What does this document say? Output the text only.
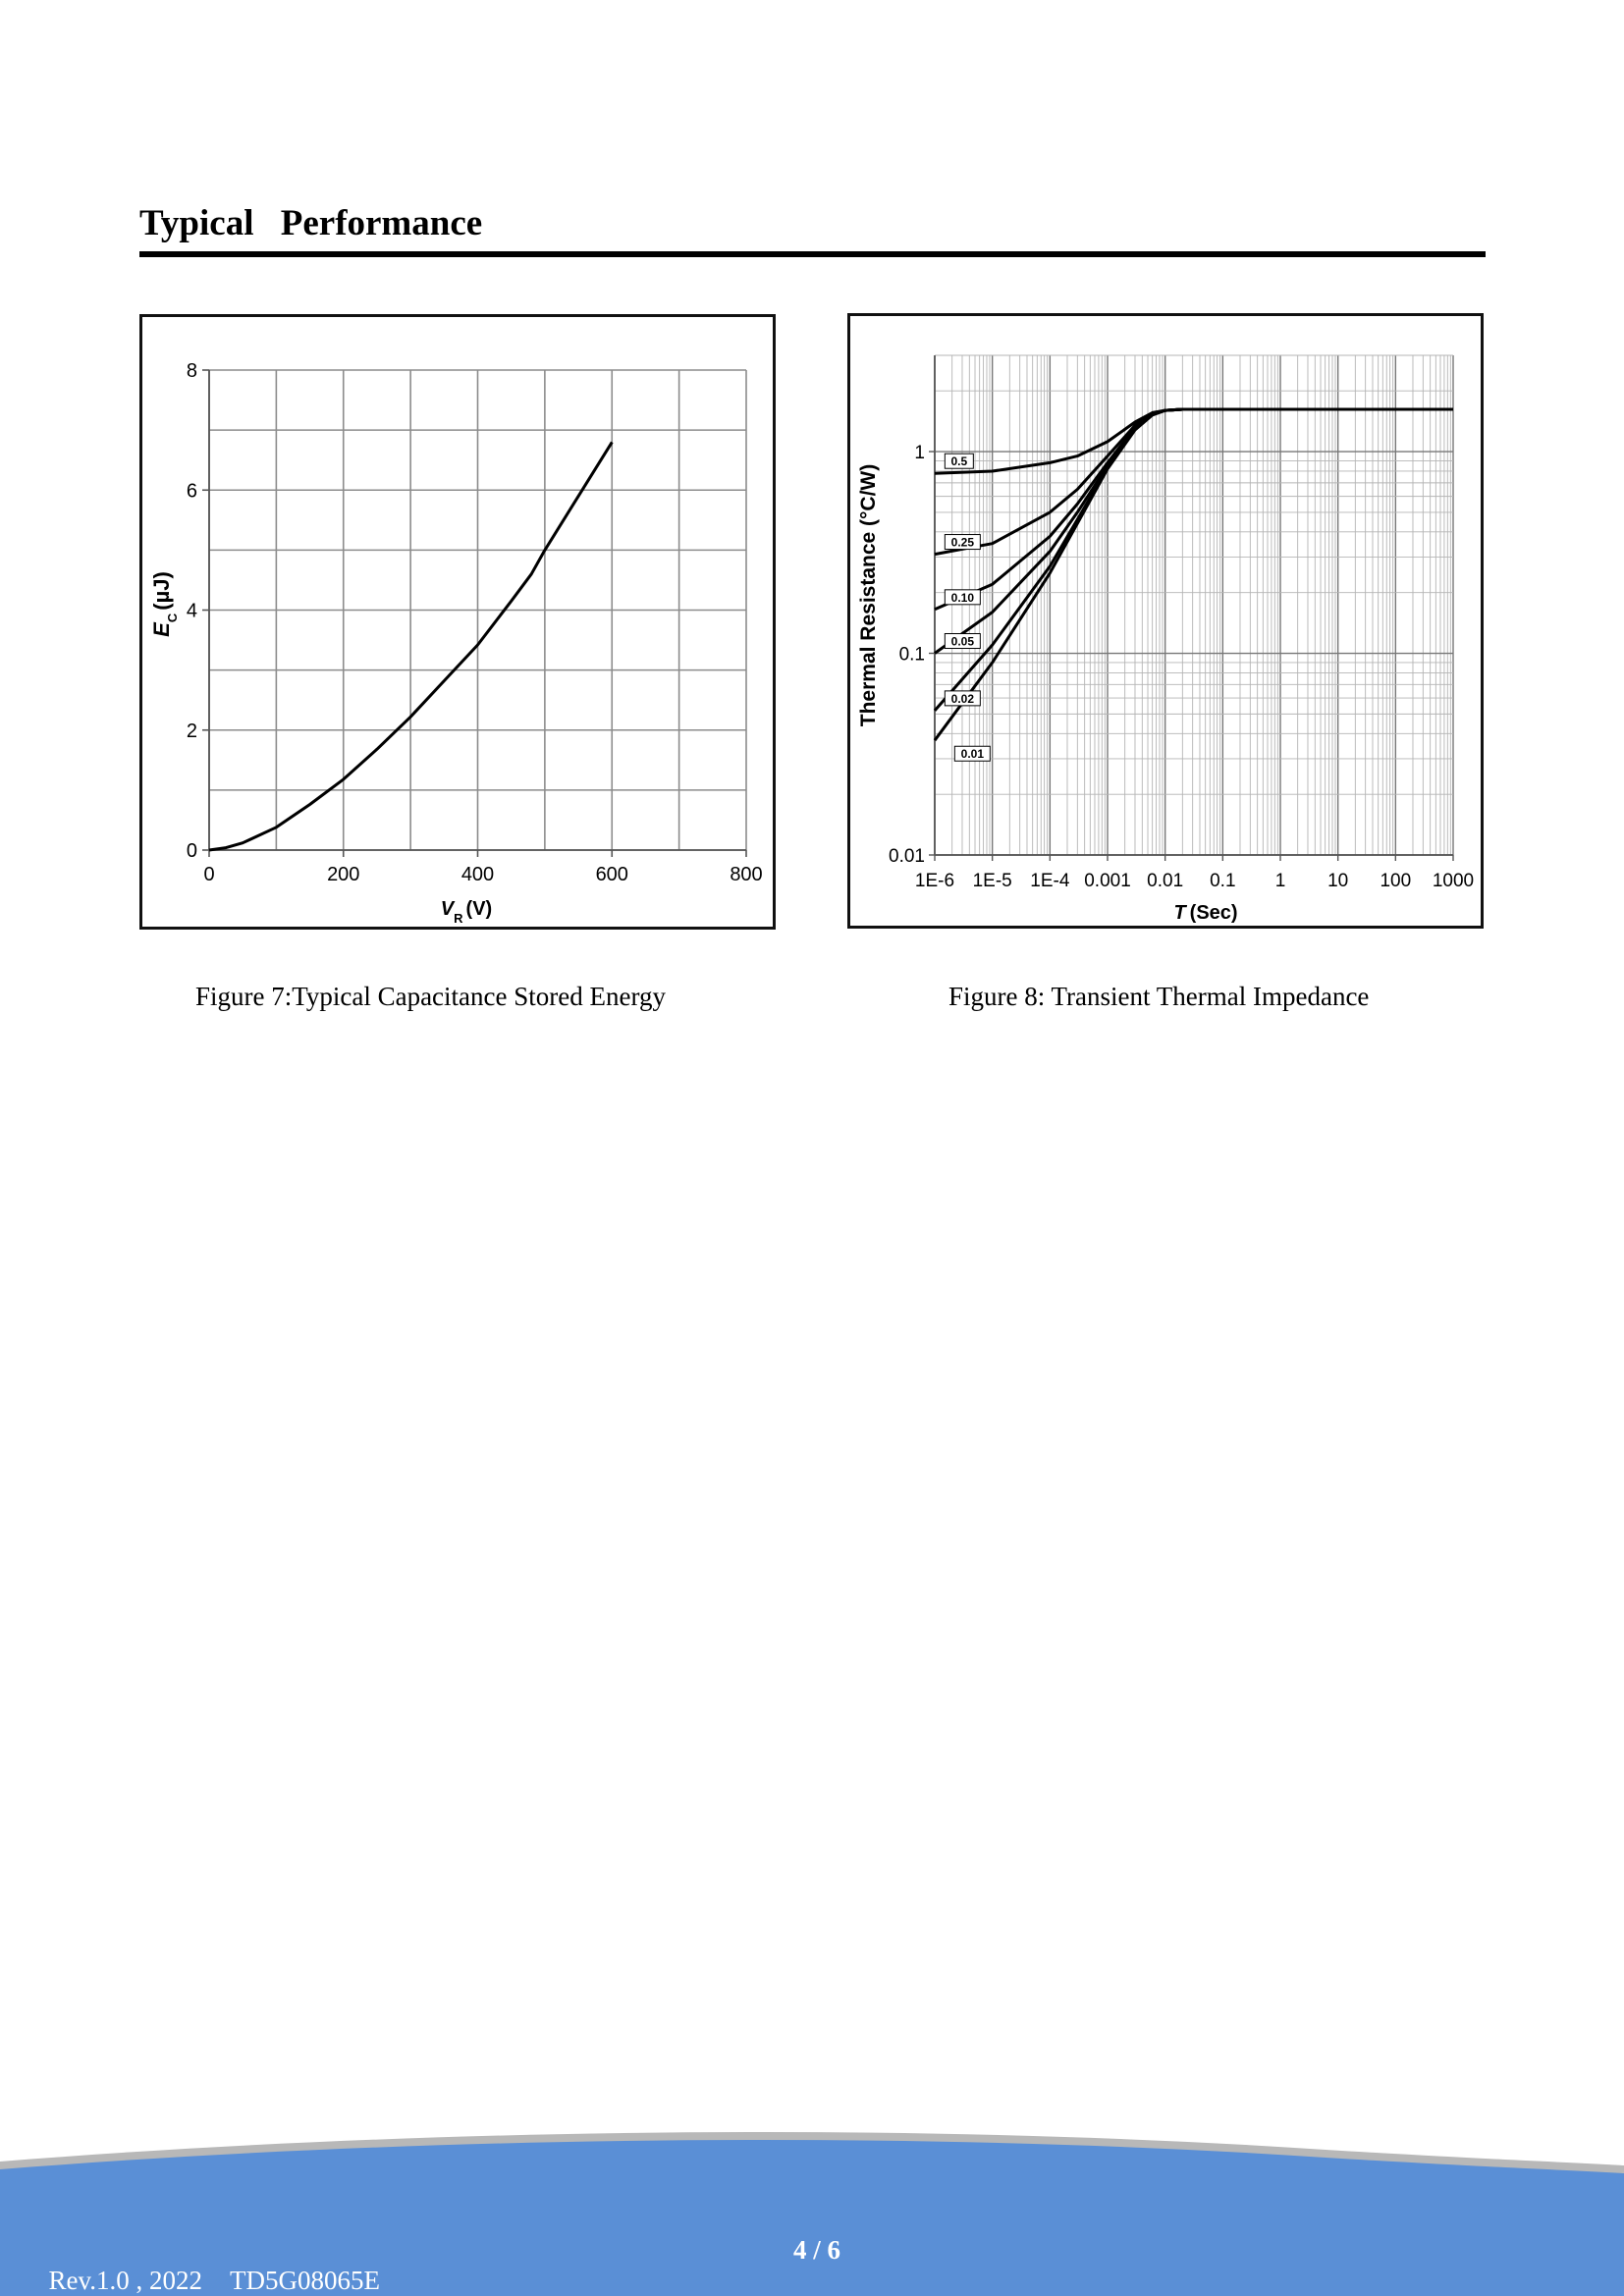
Typical Performance
0	200	400	600	800
0
2
4
6
8
$V_R$ (V)
$E_C(\mu J)$
Figure 7:Typical Capacitance Stored Energy
1E-6 1E-5 1E-4 0.001 0.01 0.1 1 10 100 1000
0.01
0.1
1 0.5
0.25
0.10
0.05
0.02
0.01
T (Sec)
Thermal Resistance (°C/W)
Figure 8: Transient Thermal Impedance

Rev.1.0 , 2022 TD5G08065E

4 / 6
